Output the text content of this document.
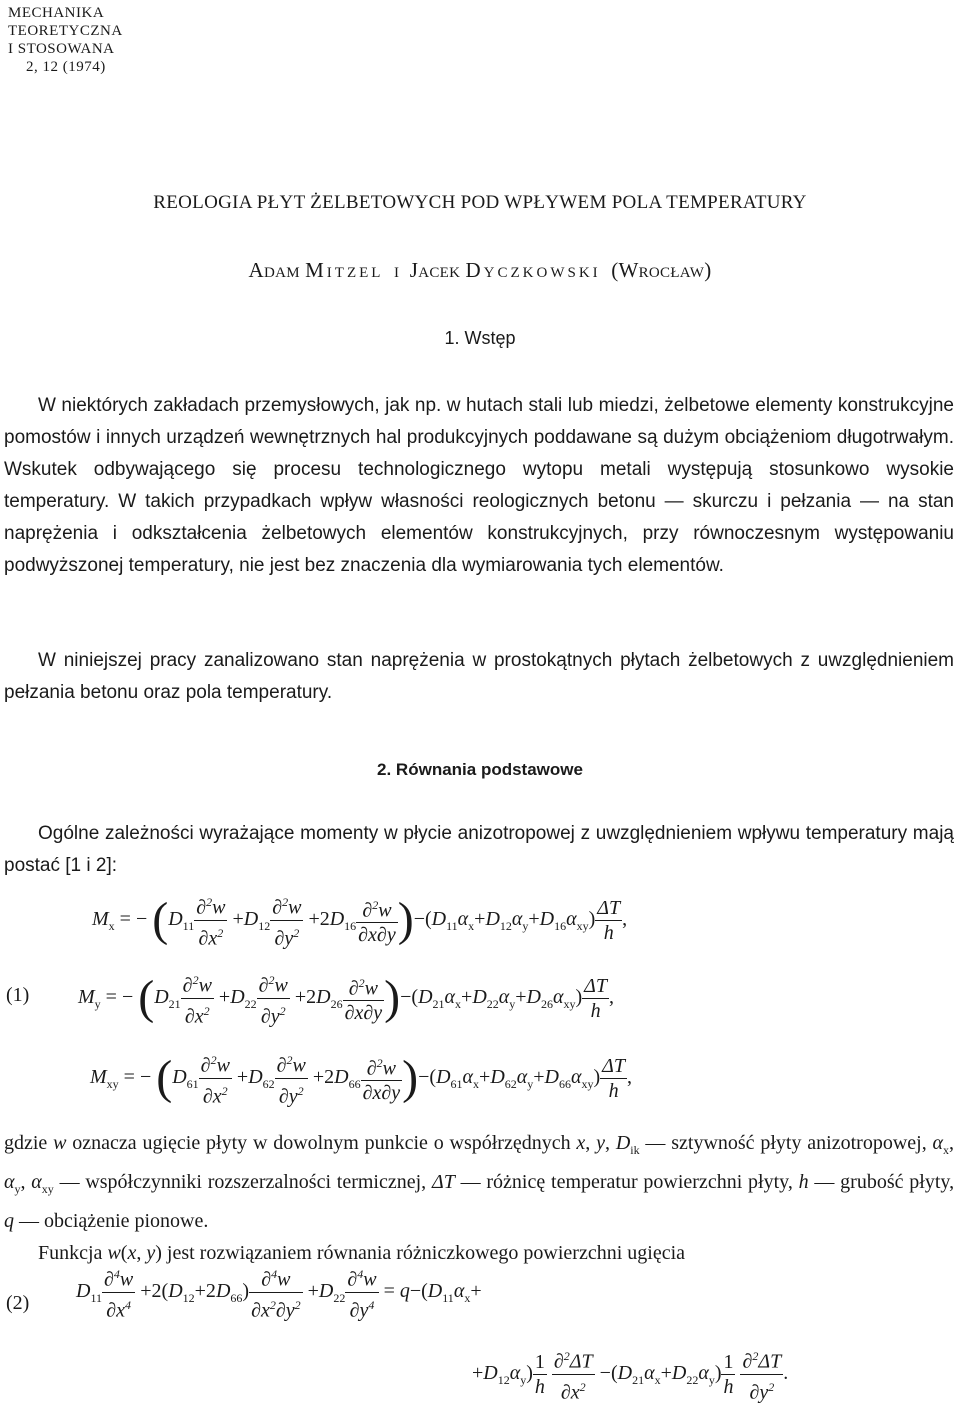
MECHANIKA
TEORETYCZNA
I STOSOWANA
2, 12 (1974)
REOLOGIA PŁYT ŻELBETOWYCH POD WPŁYWEM POLA TEMPERATURY
Adam Mitzel i Jacek Dyczkowski (Wrocław)
1. Wstęp

W niektórych zakładach przemysłowych, jak np. w hutach stali lub miedzi, żelbetowe elementy konstrukcyjne pomostów i innych urządzeń wewnętrznych hal produkcyjnych poddawane są dużym obciążeniom długotrwałym. Wskutek odbywającego się procesu technologicznego wytopu metali występują stosunkowo wysokie temperatury. W takich przypadkach wpływ własności reologicznych betonu — skurczu i pełzania — na stan naprężenia i odkształcenia żelbetowych elementów konstrukcyjnych, przy równoczesnym występowaniu podwyższonej temperatury, nie jest bez znaczenia dla wymiarowania tych elementów.

W niniejszej pracy zanalizowano stan naprężenia w prostokątnych płytach żelbetowych z uwzględnieniem pełzania betonu oraz pola temperatury.

2. Równania podstawowe

Ogólne zależności wyrażające momenty w płycie anizotropowej z uwzględnieniem wpływu temperatury mają postać [1 i 2]:

(1)
$M_x$ = − $(D_{11} \frac{\partial^2w}{\partial x^2} +D_{12} \frac{\partial^2w}{\partial y^2} +2D_{16} \frac{\partial^2w}{\partial x\partial y} )-(D_{11}\alpha_x+D_{12}\alpha_y+D_{16}\alpha_{xy}) \frac{\Delta T}{h}$ ,
$M_y$ = − $(D_{21} \frac{\partial^2w}{\partial x^2} +D_{22} \frac{\partial^2w}{\partial y^2} +2D_{26} \frac{\partial^2w}{\partial x\partial y} )-(D_{21}\alpha_x+D_{22}\alpha_y+D_{26}\alpha_{xy}) \frac{\Delta T}{h}$ ,
$M_{xy}$ = − $(D_{61} \frac{\partial^2w}{\partial x^2} +D_{62} \frac{\partial^2w}{\partial y^2} +2D_{66} \frac{\partial^2w}{\partial x\partial y} )-(D_{61}\alpha_x+D_{62}\alpha_y+D_{66}\alpha_{xy}) \frac{\Delta T}{h}$ ,

gdzie w oznacza ugięcie płyty w dowolnym punkcie o współrzędnych x, y, $D_{ik}$ — sztywność płyty anizotropowej, $\alpha_x$, $\alpha_y$, $\alpha_{xy}$ — współczynniki rozszerzalności termicznej, ΔT — różnicę temperatur powierzchni płyty, h — grubość płyty, q — obciążenie pionowe.

Funkcja w(x, y) jest rozwiązaniem równania różniczkowego powierzchni ugięcia

(2)
$D_{11} \frac{\partial^4w}{\partial x^4} +2(D_{12}+2D_{66}) \frac{\partial^4w}{\partial x^2\partial y^2} +D_{22} \frac{\partial^4w}{\partial y^4} = q-(D_{11}\alpha_x+$
$+D_{12}\alpha_y) \frac{1}{h}$
$\frac{\partial^2\Delta T}{\partial x^2} -(D_{21}\alpha_x+D_{22}\alpha_y) \frac{1}{h}$
$\frac{\partial^2\Delta T}{\partial y^2}$ .
